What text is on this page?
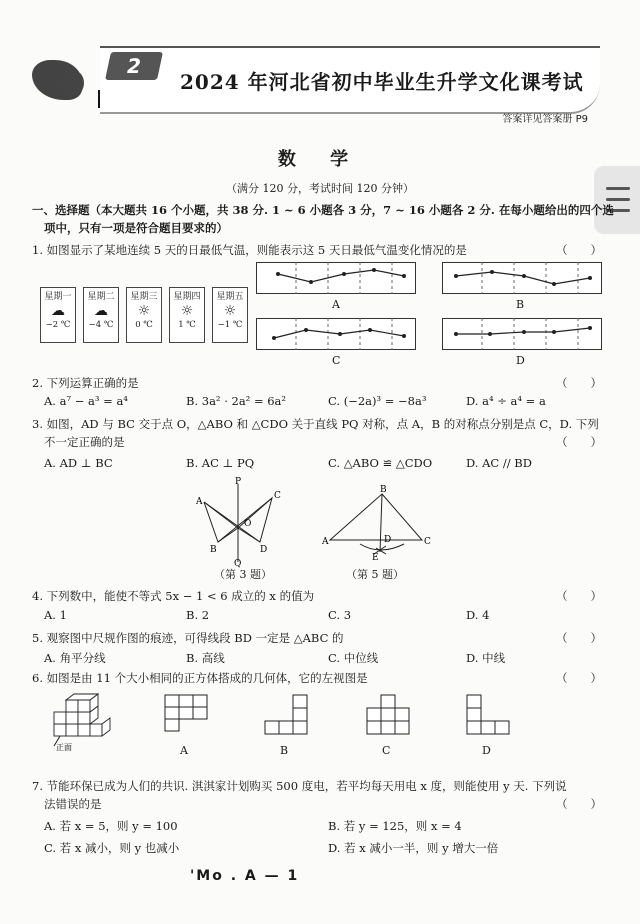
2
2024 年河北省初中毕业生升学文化课考试
答案详见答案册 P9
数 学
（满分 120 分，考试时间 120 分钟）
一、选择题（本大题共 16 个小题，共 38 分. 1 ~ 6 小题各 3 分，7 ~ 16 小题各 2 分. 在每小题给出的四个选
项中，只有一项是符合题目要求的）
1. 如图显示了某地连续 5 天的日最低气温，则能表示这 5 天日最低气温变化情况的是	（　　）
星期一
☁
−2 ℃
星期二
☁
−4 ℃
星期三
☼
0 ℃
星期四
☼
1 ℃
星期五
☼
−1 ℃
A	B
C	D
2. 下列运算正确的是	（　　）
A. a⁷ − a³ = a⁴	B. 3a² · 2a² = 6a²	C. (−2a)³ = −8a³	D. a⁴ ÷ a⁴ = a
3. 如图，AD 与 BC 交于点 O，△ABO 和 △CDO 关于直线 PQ 对称，点 A，B 的对称点分别是点 C，D. 下列
不一定正确的是	（　　）
A. AD ⊥ BC	B. AC ⊥ PQ	C. △ABO ≌ △CDO	D. AC // BD
P
Q
A
B
C
D
O
（第 3 题）
B
A	C
D
E
（第 5 题）
4. 下列数中，能使不等式 5x − 1 < 6 成立的 x 的值为	（　　）
A. 1	B. 2	C. 3	D. 4
5. 观察图中尺规作图的痕迹，可得线段 BD 一定是 △ABC 的	（　　）
A. 角平分线	B. 高线	C. 中位线	D. 中线
6. 如图是由 11 个大小相同的正方体搭成的几何体，它的左视图是	（　　）
正面	A	B	C	D
7. 节能环保已成为人们的共识. 淇淇家计划购买 500 度电，若平均每天用电 x 度，则能使用 y 天. 下列说
法错误的是	（　　）
A. 若 x = 5，则 y = 100	B. 若 y = 125，则 x = 4
C. 若 x 减小，则 y 也减小	D. 若 x 减小一半，则 y 增大一倍
'Mo . A — 1
